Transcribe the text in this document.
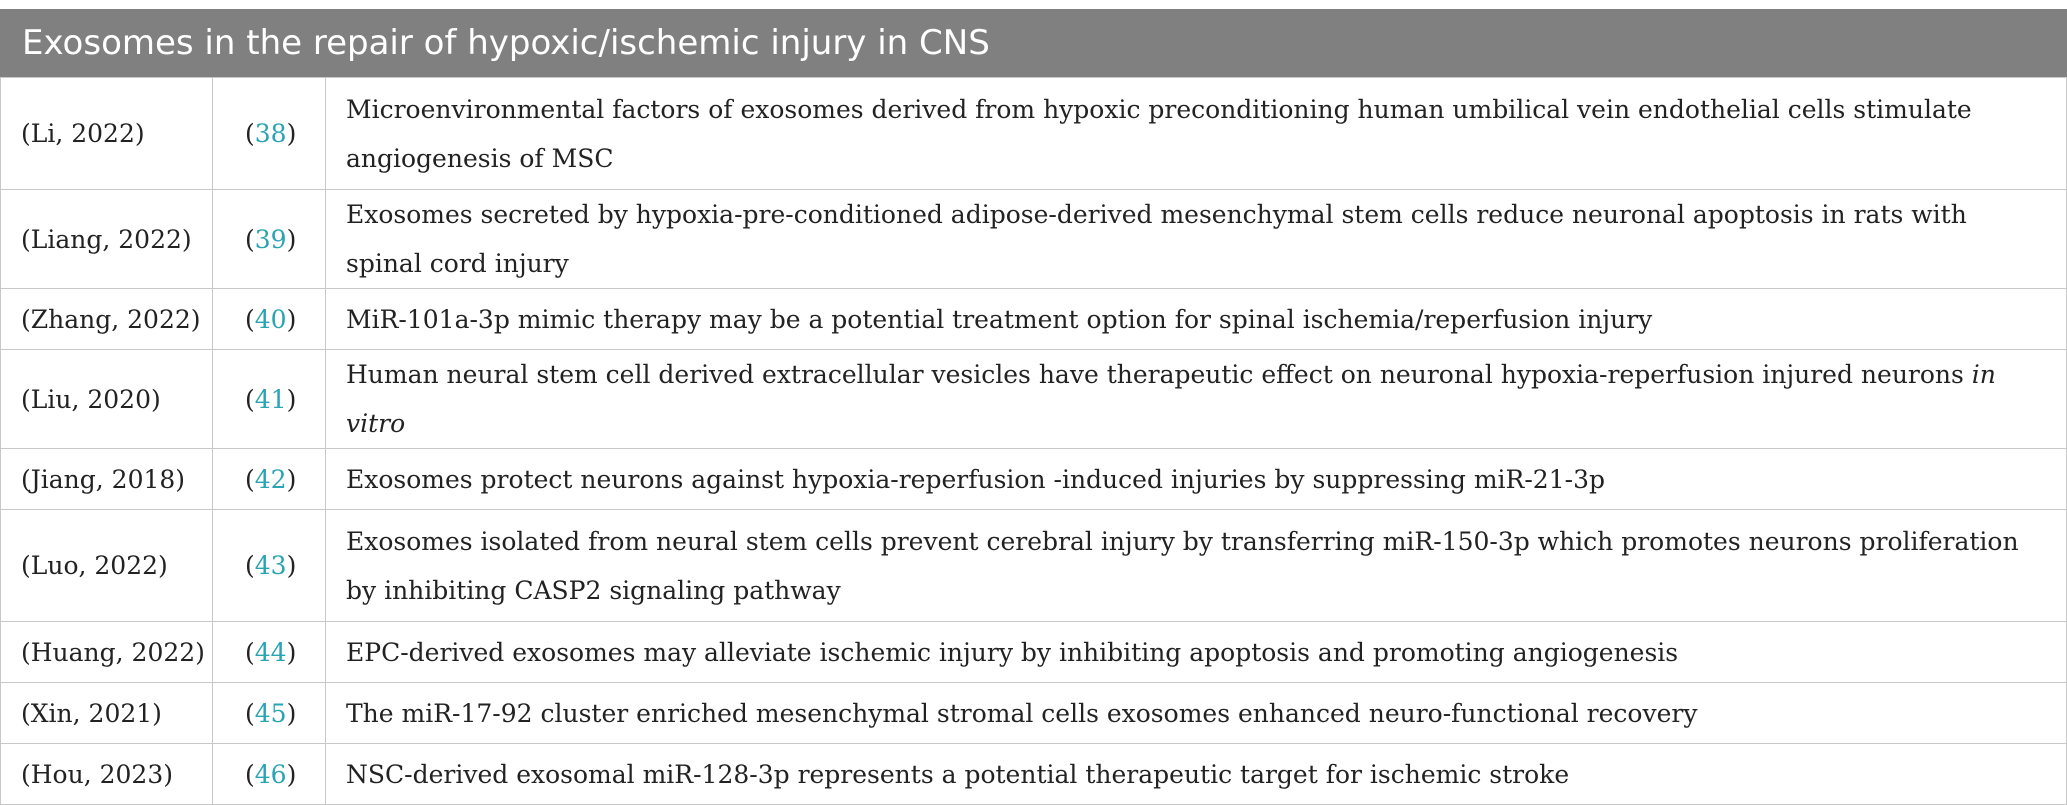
Exosomes in the repair of hypoxic/ischemic injury in CNS
(Li, 2022)	(38)	Microenvironmental factors of exosomes derived from hypoxic preconditioning human umbilical vein endothelial cells stimulate angiogenesis of MSC
(Liang, 2022)	(39)	Exosomes secreted by hypoxia-pre-conditioned adipose-derived mesenchymal stem cells reduce neuronal apoptosis in rats with spinal cord injury
(Zhang, 2022)	(40)	MiR-101a-3p mimic therapy may be a potential treatment option for spinal ischemia/reperfusion injury
(Liu, 2020)	(41)	Human neural stem cell derived extracellular vesicles have therapeutic effect on neuronal hypoxia-reperfusion injured neurons in vitro
(Jiang, 2018)	(42)	Exosomes protect neurons against hypoxia-reperfusion -induced injuries by suppressing miR-21-3p
(Luo, 2022)	(43)	Exosomes isolated from neural stem cells prevent cerebral injury by transferring miR-150-3p which promotes neurons proliferation by inhibiting CASP2 signaling pathway
(Huang, 2022)	(44)	EPC-derived exosomes may alleviate ischemic injury by inhibiting apoptosis and promoting angiogenesis
(Xin, 2021)	(45)	The miR-17-92 cluster enriched mesenchymal stromal cells exosomes enhanced neuro-functional recovery
(Hou, 2023)	(46)	NSC-derived exosomal miR-128-3p represents a potential therapeutic target for ischemic stroke
